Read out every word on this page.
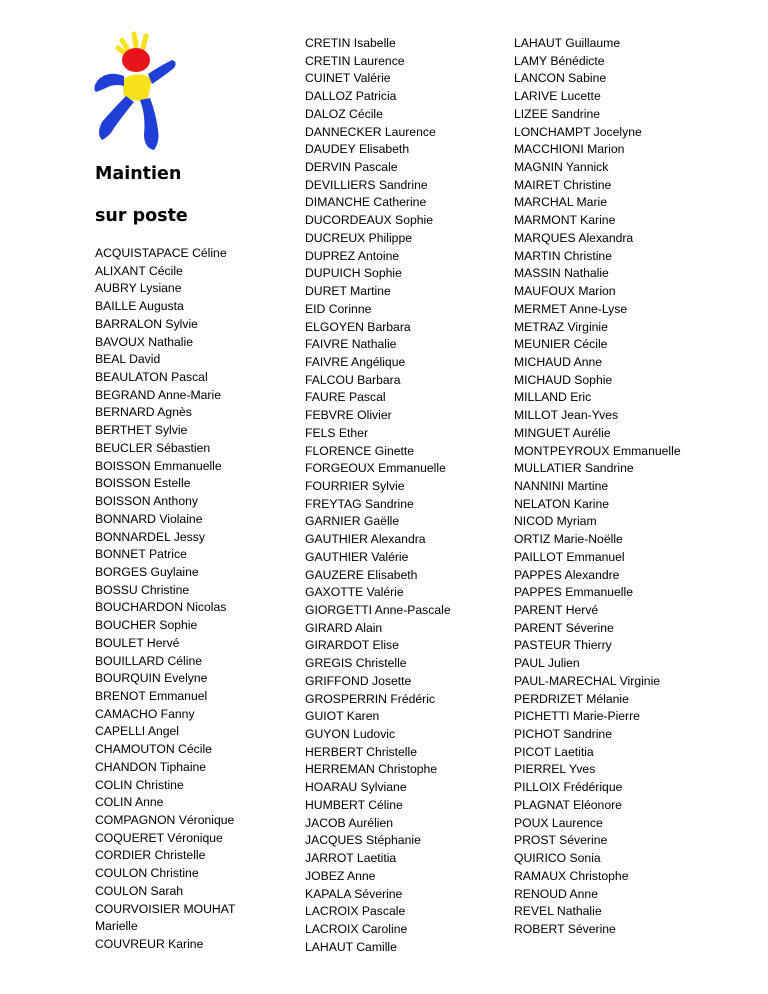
Maintien
sur poste
ACQUISTAPACE Céline
ALIXANT Cécile
AUBRY Lysiane
BAILLE Augusta
BARRALON Sylvie
BAVOUX Nathalie
BEAL David
BEAULATON Pascal
BEGRAND Anne-Marie
BERNARD Agnès
BERTHET Sylvie
BEUCLER Sébastien
BOISSON Emmanuelle
BOISSON Estelle
BOISSON Anthony
BONNARD Violaine
BONNARDEL Jessy
BONNET Patrice
BORGES Guylaine
BOSSU Christine
BOUCHARDON Nicolas
BOUCHER Sophie
BOULET Hervé
BOUILLARD Céline
BOURQUIN Evelyne
BRENOT Emmanuel
CAMACHO Fanny
CAPELLI Angel
CHAMOUTON Cécile
CHANDON Tiphaine
COLIN Christine
COLIN Anne
COMPAGNON Véronique
COQUERET Véronique
CORDIER Christelle
COULON Christine
COULON Sarah
COURVOISIER MOUHAT Marielle
COUVREUR Karine
CRETIN Isabelle
CRETIN Laurence
CUINET Valérie
DALLOZ Patricia
DALOZ Cécile
DANNECKER Laurence
DAUDEY Elisabeth
DERVIN Pascale
DEVILLIERS Sandrine
DIMANCHE Catherine
DUCORDEAUX Sophie
DUCREUX Philippe
DUPREZ Antoine
DUPUICH Sophie
DURET Martine
EID Corinne
ELGOYEN Barbara
FAIVRE Nathalie
FAIVRE Angélique
FALCOU Barbara
FAURE Pascal
FEBVRE Olivier
FELS Ether
FLORENCE Ginette
FORGEOUX Emmanuelle
FOURRIER Sylvie
FREYTAG Sandrine
GARNIER Gaëlle
GAUTHIER Alexandra
GAUTHIER Valérie
GAUZERE Elisabeth
GAXOTTE Valérie
GIORGETTI Anne-Pascale
GIRARD Alain
GIRARDOT Elise
GREGIS Christelle
GRIFFOND Josette
GROSPERRIN Frédéric
GUIOT Karen
GUYON Ludovic
HERBERT Christelle
HERREMAN Christophe
HOARAU Sylviane
HUMBERT Céline
JACOB Aurélien
JACQUES Stéphanie
JARROT Laetitia
JOBEZ Anne
KAPALA Séverine
LACROIX Pascale
LACROIX Caroline
LAHAUT Camille
LAHAUT Guillaume
LAMY Bénédicte
LANCON Sabine
LARIVE Lucette
LIZEE Sandrine
LONCHAMPT Jocelyne
MACCHIONI Marion
MAGNIN Yannick
MAIRET Christine
MARCHAL Marie
MARMONT Karine
MARQUES Alexandra
MARTIN Christine
MASSIN Nathalie
MAUFOUX Marion
MERMET Anne-Lyse
METRAZ Virginie
MEUNIER Cécile
MICHAUD Anne
MICHAUD Sophie
MILLAND Eric
MILLOT Jean-Yves
MINGUET Aurélie
MONTPEYROUX Emmanuelle
MULLATIER Sandrine
NANNINI Martine
NELATON Karine
NICOD Myriam
ORTIZ Marie-Noëlle
PAILLOT Emmanuel
PAPPES Alexandre
PAPPES Emmanuelle
PARENT Hervé
PARENT Séverine
PASTEUR Thierry
PAUL Julien
PAUL-MARECHAL Virginie
PERDRIZET Mélanie
PICHETTI Marie-Pierre
PICHOT Sandrine
PICOT Laetitia
PIERREL Yves
PILLOIX Frédérique
PLAGNAT Eléonore
POUX Laurence
PROST Séverine
QUIRICO Sonia
RAMAUX Christophe
RENOUD Anne
REVEL Nathalie
ROBERT Séverine
